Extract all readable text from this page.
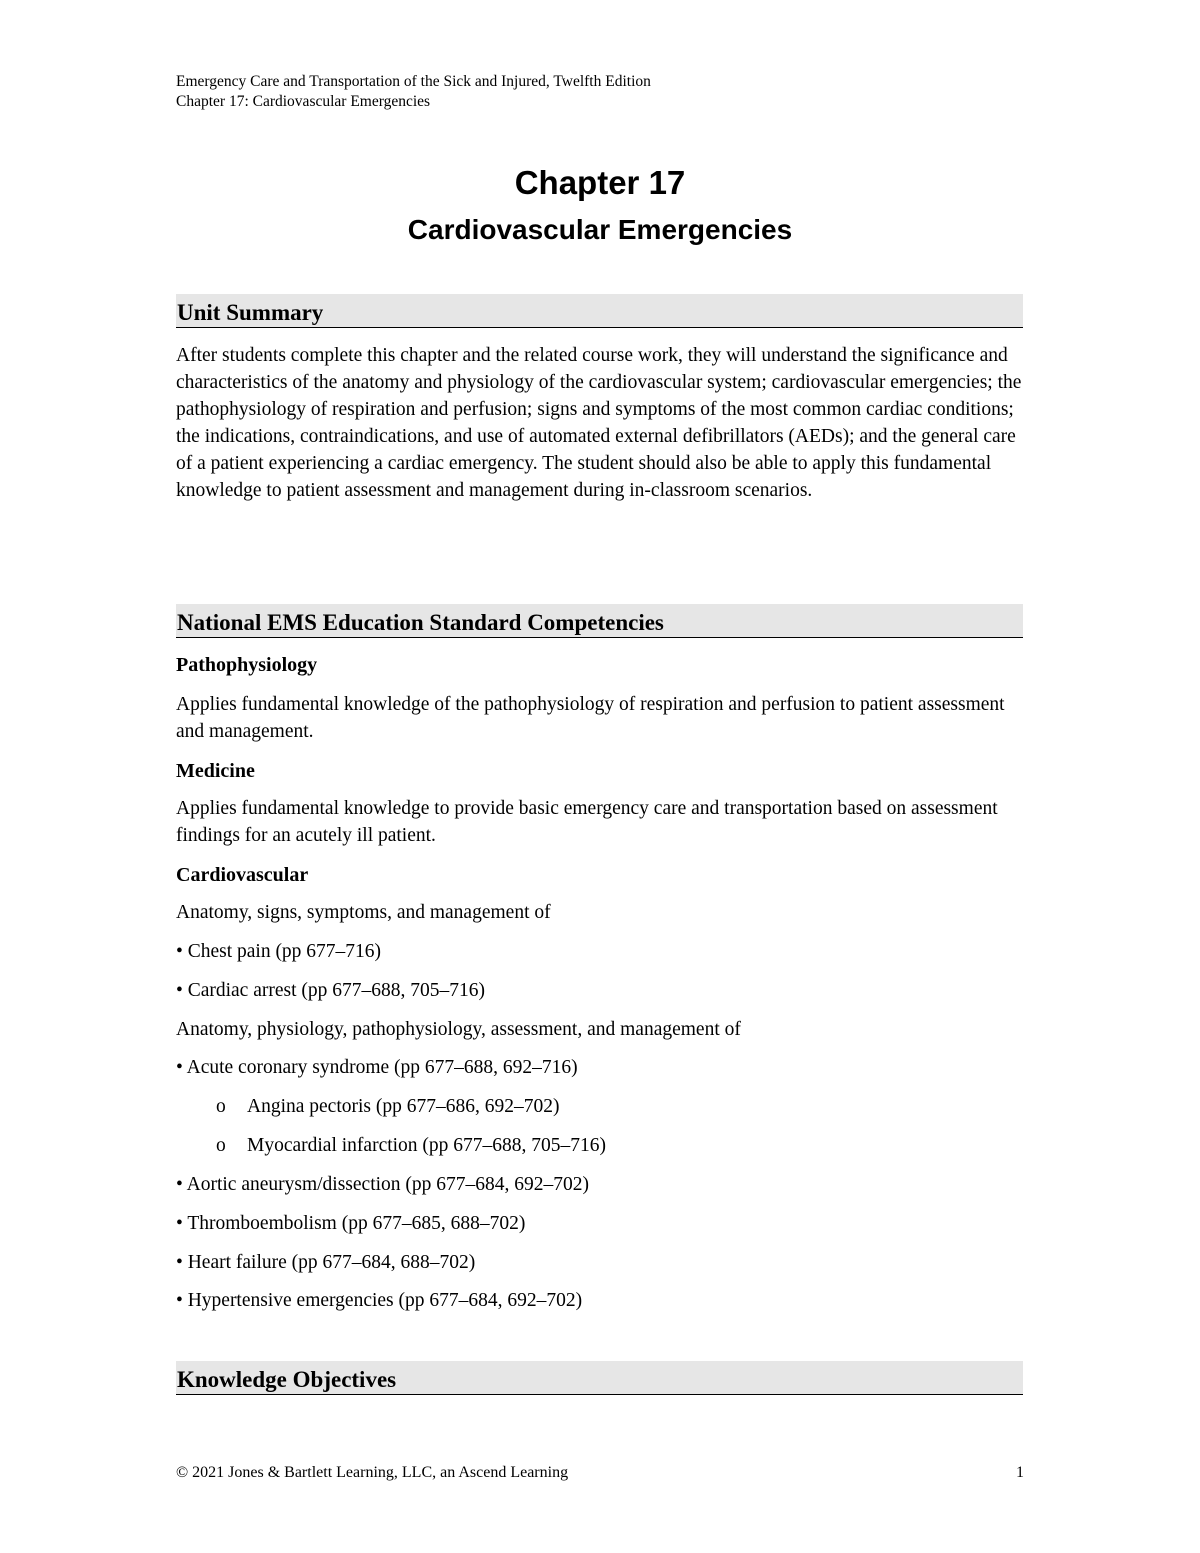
Emergency Care and Transportation of the Sick and Injured, Twelfth Edition
Chapter 17: Cardiovascular Emergencies
Chapter 17
Cardiovascular Emergencies
Unit Summary
After students complete this chapter and the related course work, they will understand the significance and characteristics of the anatomy and physiology of the cardiovascular system; cardiovascular emergencies; the pathophysiology of respiration and perfusion; signs and symptoms of the most common cardiac conditions; the indications, contraindications, and use of automated external defibrillators (AEDs); and the general care of a patient experiencing a cardiac emergency. The student should also be able to apply this fundamental knowledge to patient assessment and management during in-classroom scenarios.
National EMS Education Standard Competencies
Pathophysiology
Applies fundamental knowledge of the pathophysiology of respiration and perfusion to patient assessment and management.
Medicine
Applies fundamental knowledge to provide basic emergency care and transportation based on assessment findings for an acutely ill patient.
Cardiovascular
Anatomy, signs, symptoms, and management of
• Chest pain (pp 677–716)
• Cardiac arrest (pp 677–688, 705–716)
Anatomy, physiology, pathophysiology, assessment, and management of
• Acute coronary syndrome (pp 677–688, 692–716)
o Angina pectoris (pp 677–686, 692–702)
o Myocardial infarction (pp 677–688, 705–716)
• Aortic aneurysm/dissection (pp 677–684, 692–702)
• Thromboembolism (pp 677–685, 688–702)
• Heart failure (pp 677–684, 688–702)
• Hypertensive emergencies (pp 677–684, 692–702)
Knowledge Objectives
© 2021 Jones & Bartlett Learning, LLC, an Ascend Learning	1
